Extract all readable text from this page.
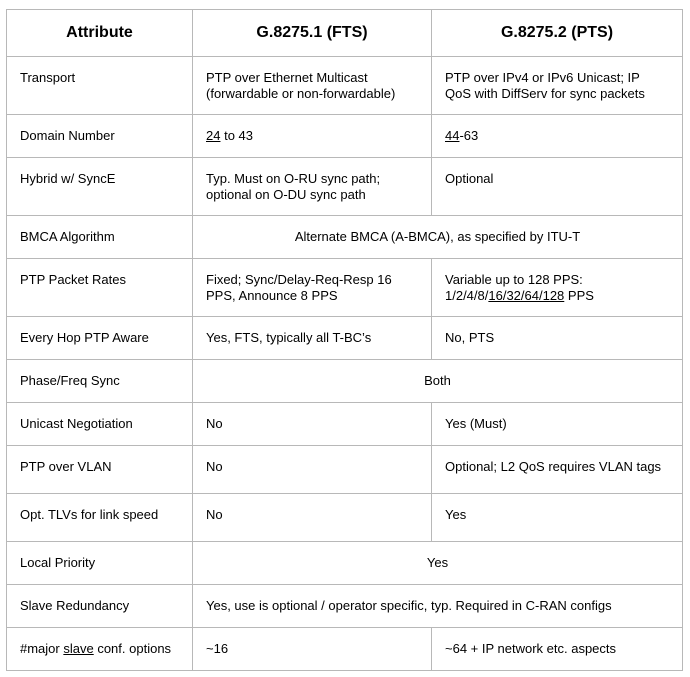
Attribute	G.8275.1 (FTS)	G.8275.2 (PTS)
Transport	PTP over Ethernet Multicast (forwardable or non-forwardable)	PTP over IPv4 or IPv6 Unicast; IP QoS with DiffServ for sync packets
Domain Number	24 to 43	44-63
Hybrid w/ SyncE	Typ. Must on O-RU sync path; optional on O-DU sync path	Optional
BMCA Algorithm	Alternate BMCA (A-BMCA), as specified by ITU-T	
PTP Packet Rates	Fixed; Sync/Delay-Req-Resp 16 PPS, Announce 8 PPS	Variable up to 128 PPS: 1/2/4/8/16/32/64/128 PPS
Every Hop PTP Aware	Yes, FTS, typically all T-BC’s	No, PTS
Phase/Freq Sync	Both	
Unicast Negotiation	No	Yes (Must)
PTP over VLAN	No	Optional; L2 QoS requires VLAN tags
Opt. TLVs for link speed	No	Yes
Local Priority	Yes	
Slave Redundancy	Yes, use is optional / operator specific, typ. Required in C-RAN configs	
#major slave conf. options	~16	~64 + IP network etc. aspects
